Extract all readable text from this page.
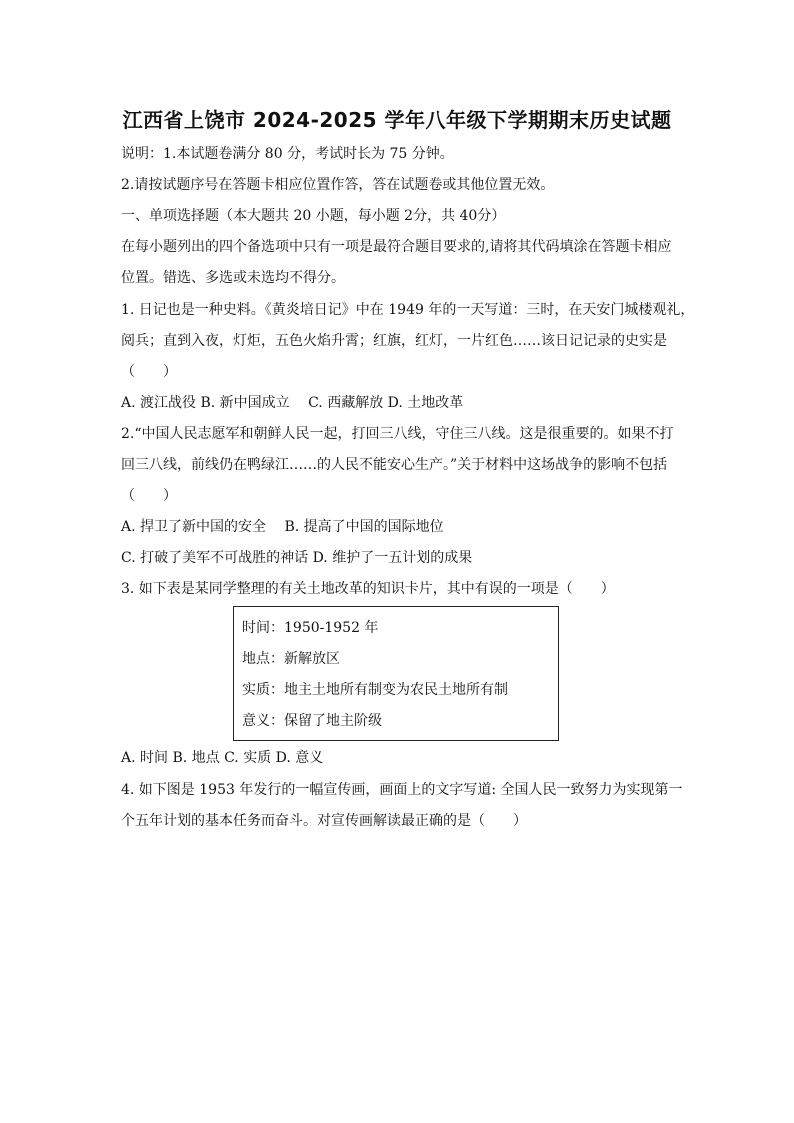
江西省上饶市 2024-2025 学年八年级下学期期末历史试题
说明：1.本试题卷满分 80 分，考试时长为 75 分钟。
2.请按试题序号在答题卡相应位置作答，答在试题卷或其他位置无效。
一、单项选择题（本大题共 20 小题，每小题 2分，共 40分）
在每小题列出的四个备选项中只有一项是最符合题目要求的,请将其代码填涂在答题卡相应
位置。错选、多选或未选均不得分。
1. 日记也是一种史料。《黄炎培日记》中在 1949 年的一天写道：三时，在天安门城楼观礼，
阅兵；直到入夜，灯炬，五色火焰升霄；红旗，红灯，一片红色……该日记记录的史实是
（　　）
A. 渡江战役 B. 新中国成立　 C. 西藏解放 D. 土地改革
2.“中国人民志愿军和朝鲜人民一起，打回三八线，守住三八线。这是很重要的。如果不打
回三八线，前线仍在鸭绿江……的人民不能安心生产。”关于材料中这场战争的影响不包括
（　　）
A. 捍卫了新中国的安全　 B. 提高了中国的国际地位
C. 打破了美军不可战胜的神话 D. 维护了一五计划的成果
3. 如下表是某同学整理的有关土地改革的知识卡片，其中有误的一项是（　　）
时间：1950-1952 年
地点：新解放区
实质：地主土地所有制变为农民土地所有制
意义：保留了地主阶级
A. 时间 B. 地点 C. 实质 D. 意义
4. 如下图是 1953 年发行的一幅宣传画，画面上的文字写道: 全国人民一致努力为实现第一
个五年计划的基本任务而奋斗。对宣传画解读最正确的是（　　）
